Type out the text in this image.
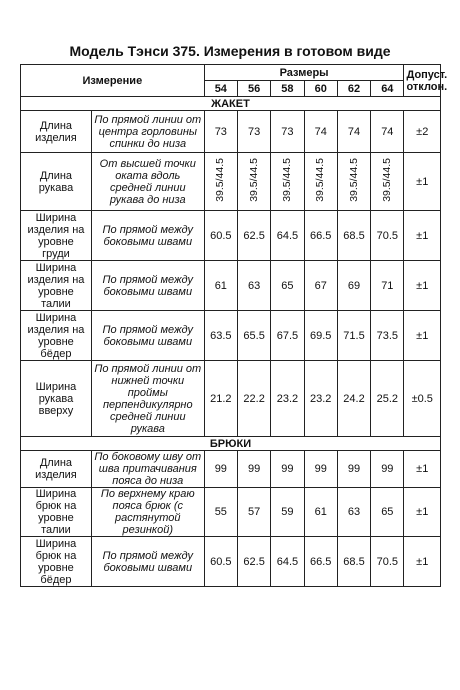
Модель Тэнси 375. Измерения в готовом виде
Измерение		Размеры						Допуст.
отклон.
		54	56	58	60	62	64	
ЖАКЕТ								
Длина изделия	По прямой линии от центра горловины спинки до низа	73	73	73	74	74	74	±2
Длина рукава	От высшей точки оката вдоль средней линии рукава до низа	39.5/44.5	39.5/44.5	39.5/44.5	39.5/44.5	39.5/44.5	39.5/44.5	±1
Ширина изделия на уровне груди	По прямой между боковыми швами	60.5	62.5	64.5	66.5	68.5	70.5	±1
Ширина изделия на уровне талии	По прямой между боковыми швами	61	63	65	67	69	71	±1
Ширина изделия на уровне бёдер	По прямой между боковыми швами	63.5	65.5	67.5	69.5	71.5	73.5	±1
Ширина рукава вверху	По прямой линии от нижней точки проймы перпендикулярно средней линии рукава	21.2	22.2	23.2	23.2	24.2	25.2	±0.5
БРЮКИ								
Длина изделия	По боковому шву от шва притачивания пояса до низа	99	99	99	99	99	99	±1
Ширина брюк на уровне талии	По верхнему краю пояса брюк (с растянутой резинкой)	55	57	59	61	63	65	±1
Ширина брюк на уровне бёдер	По прямой между боковыми швами	60.5	62.5	64.5	66.5	68.5	70.5	±1
